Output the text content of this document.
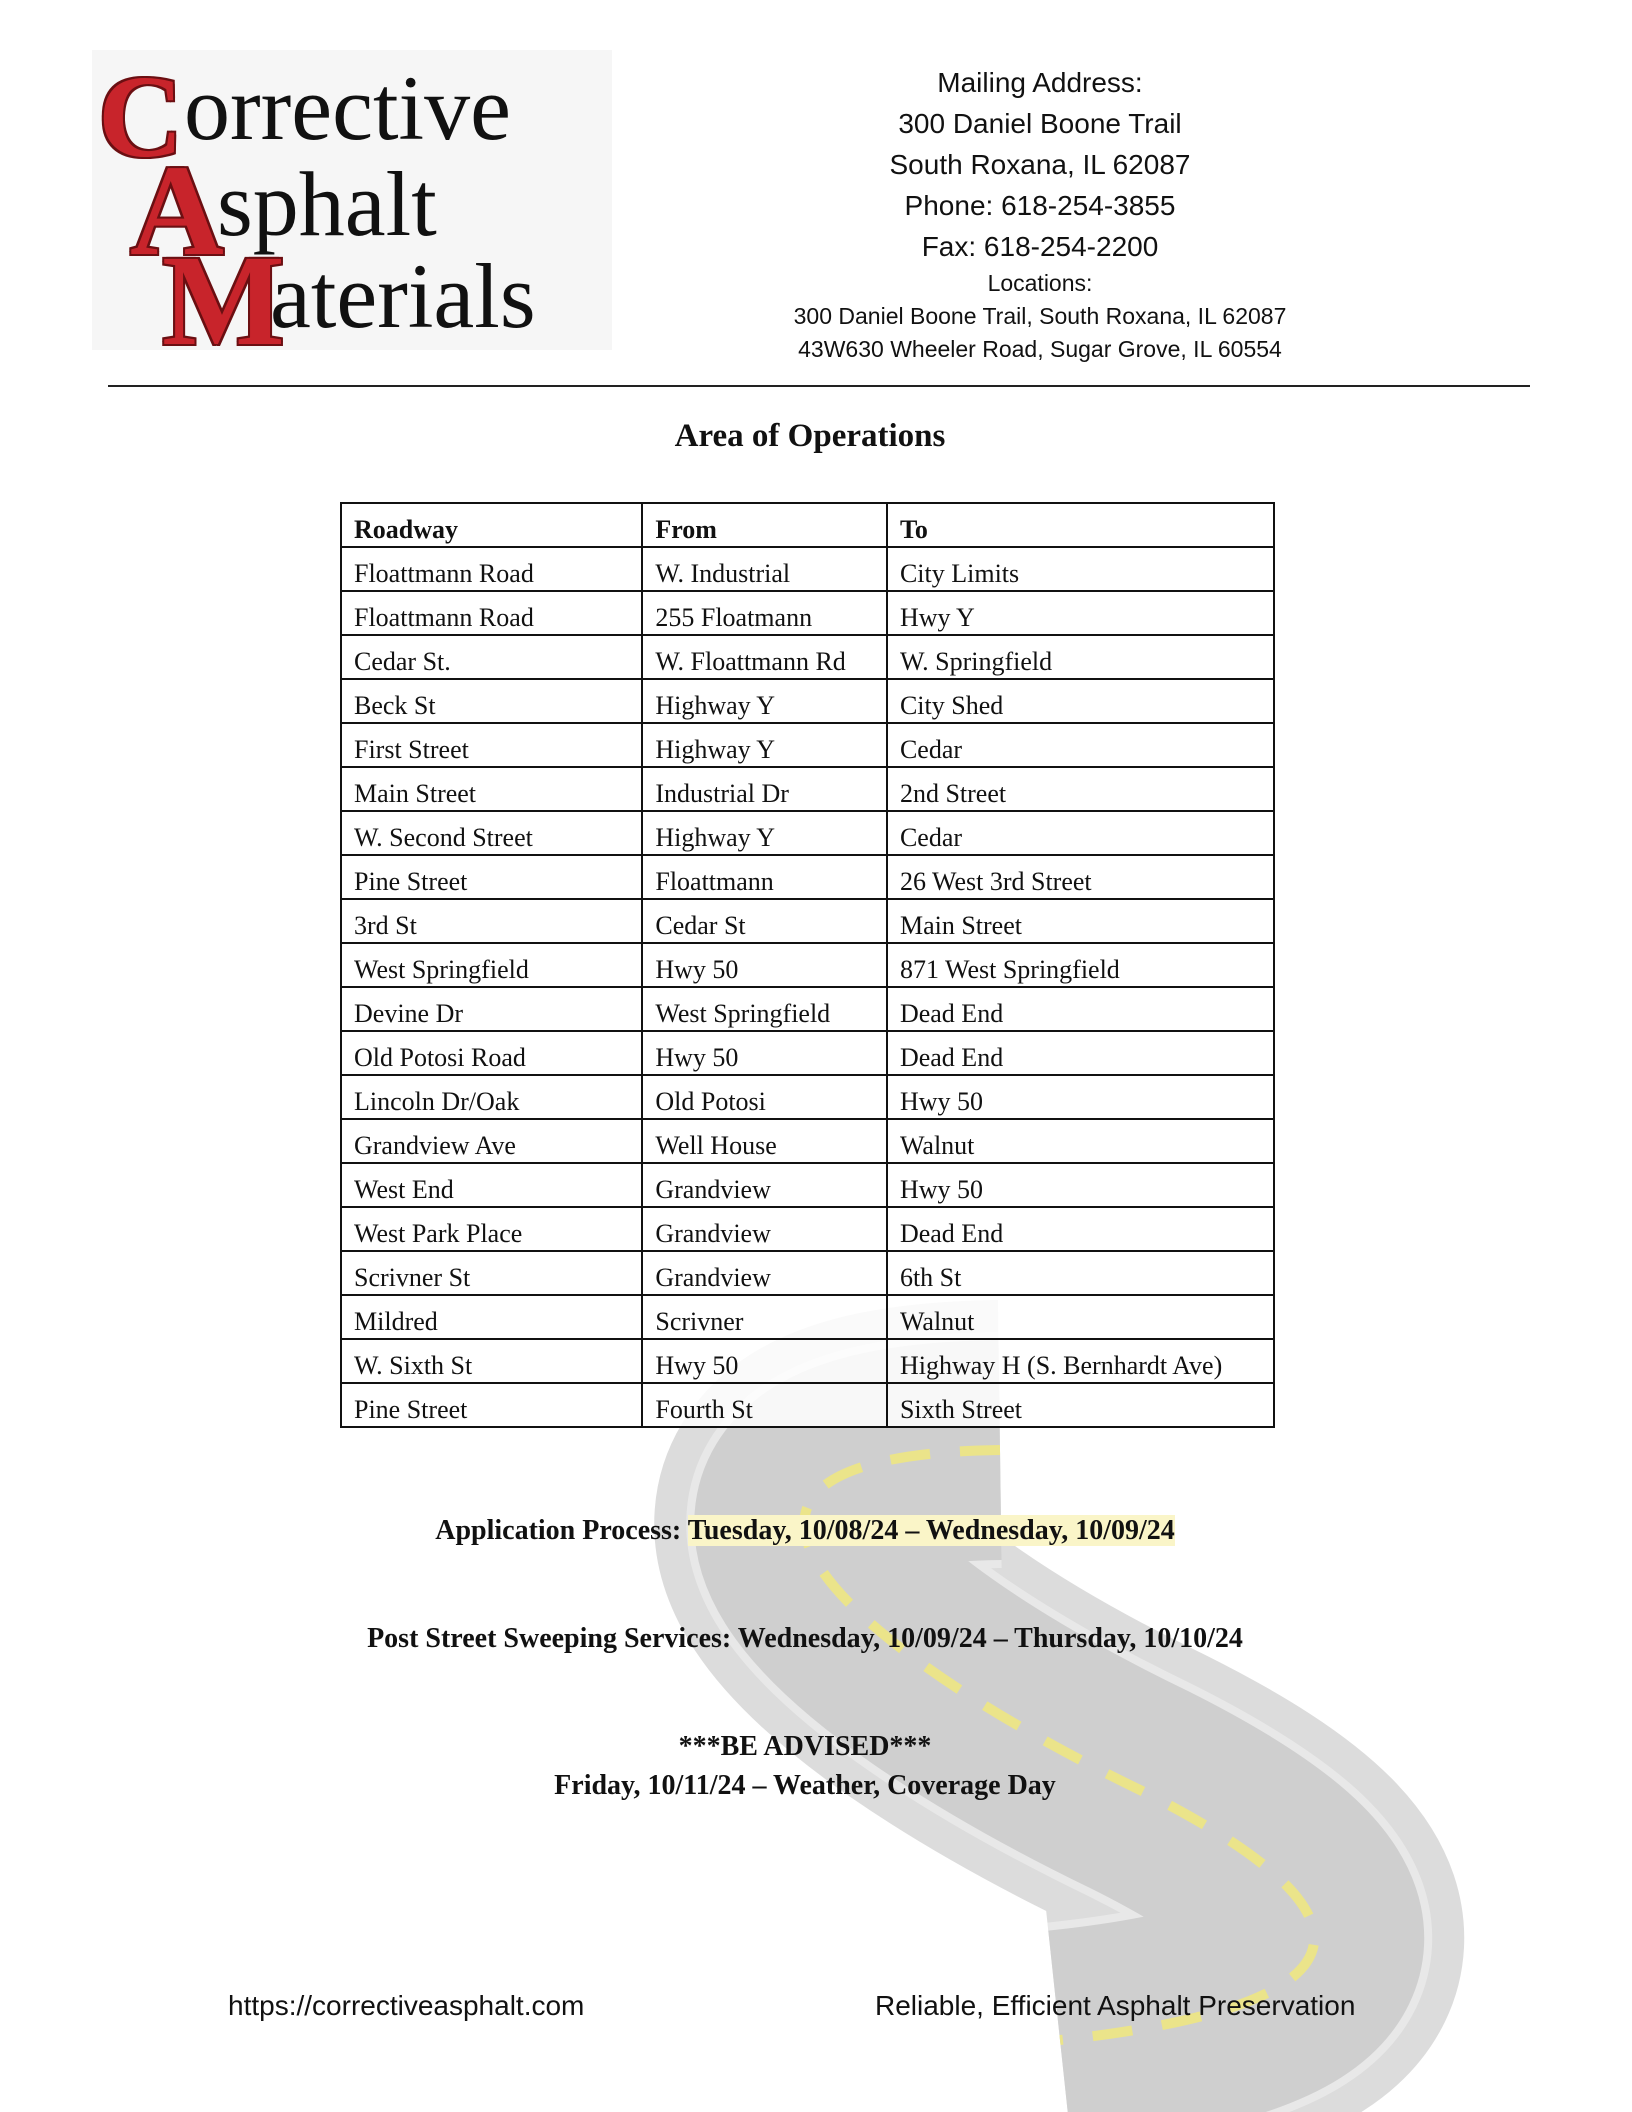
C orrective
A
sphalt
M
aterials
Mailing Address:
300 Daniel Boone Trail
South Roxana, IL 62087
Phone: 618-254-3855
Fax: 618-254-2200
Locations:
300 Daniel Boone Trail, South Roxana, IL 62087
43W630 Wheeler Road, Sugar Grove, IL 60554
Area of Operations
Roadway	From	To
Floattmann Road	W. Industrial	City Limits
Floattmann Road	255 Floatmann	Hwy Y
Cedar St.	W. Floattmann Rd	W. Springfield
Beck St	Highway Y	City Shed
First Street	Highway Y	Cedar
Main Street	Industrial Dr	2nd Street
W. Second Street	Highway Y	Cedar
Pine Street	Floattmann	26 West 3rd Street
3rd St	Cedar St	Main Street
West Springfield	Hwy 50	871 West Springfield
Devine Dr	West Springfield	Dead End
Old Potosi Road	Hwy 50	Dead End
Lincoln Dr/Oak	Old Potosi	Hwy 50
Grandview Ave	Well House	Walnut
West End	Grandview	Hwy 50
West Park Place	Grandview	Dead End
Scrivner St	Grandview	6th St
Mildred	Scrivner	Walnut
W. Sixth St	Hwy 50	Highway H (S. Bernhardt Ave)
Pine Street	Fourth St	Sixth Street
Application Process: Tuesday, 10/08/24 – Wednesday, 10/09/24
Post Street Sweeping Services: Wednesday, 10/09/24 – Thursday, 10/10/24
***BE ADVISED***
Friday, 10/11/24 – Weather, Coverage Day
https://correctiveasphalt.com	Reliable, Efficient Asphalt Preservation
